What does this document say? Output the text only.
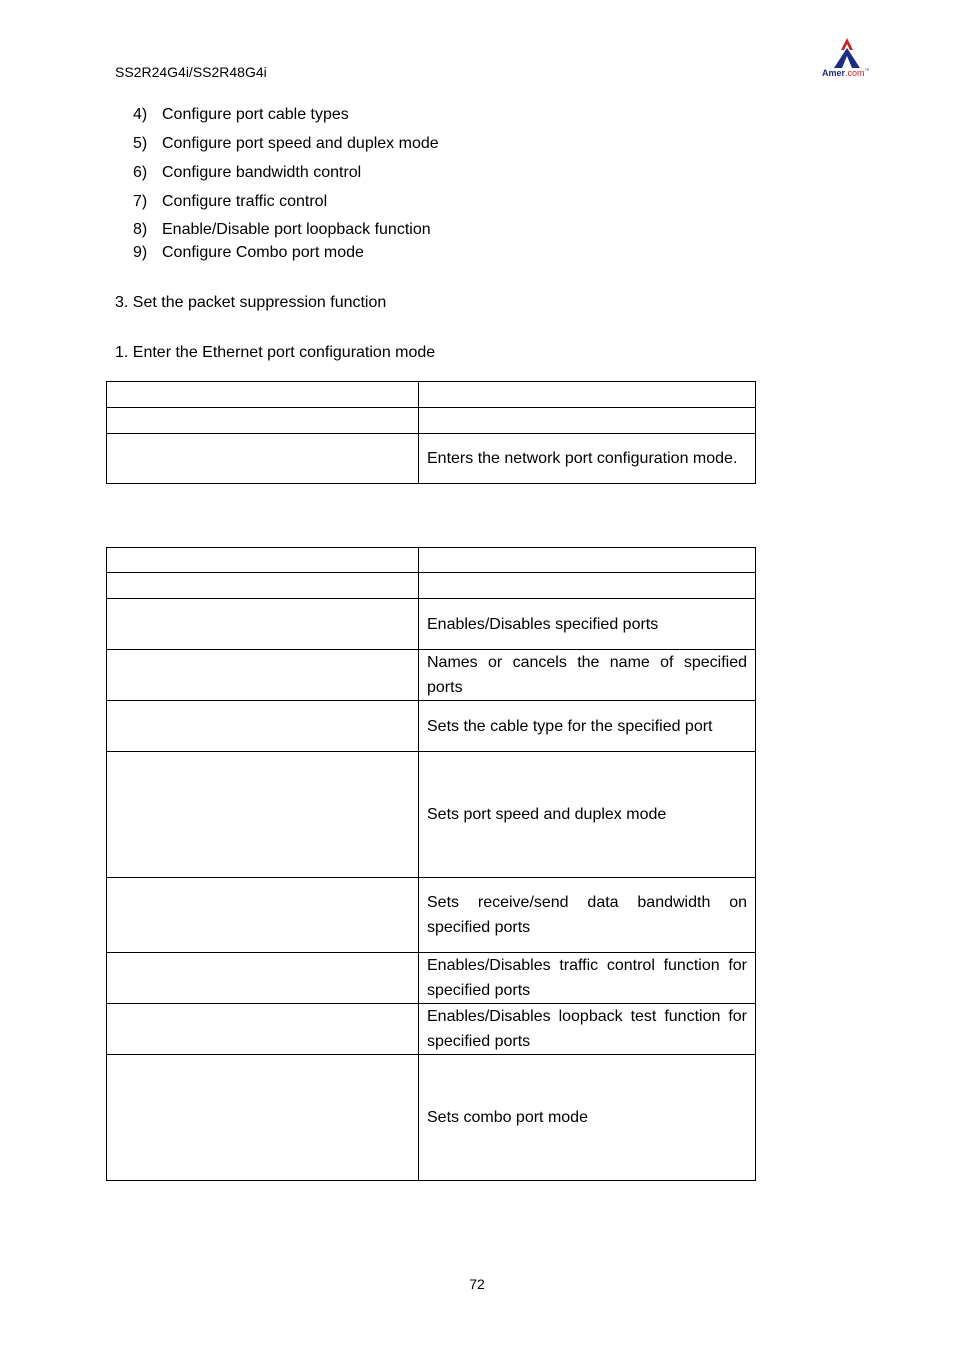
SS2R24G4i/SS2R48G4i	Amer.com™
4) Configure port cable types
5) Configure port speed and duplex mode
6) Configure bandwidth control
7) Configure traffic control
8) Enable/Disable port loopback function
9) Configure Combo port mode
3. Set the packet suppression function
1. Enter the Ethernet port configuration mode

	Enters the network port configuration mode.

	Enables/Disables specified ports
	Names or cancels the name of specified ports
	Sets the cable type for the specified port
	Sets port speed and duplex mode
	Sets receive/send data bandwidth on specified ports
	Enables/Disables traffic control function for specified ports
	Enables/Disables loopback test function for specified ports
	Sets combo port mode
72
